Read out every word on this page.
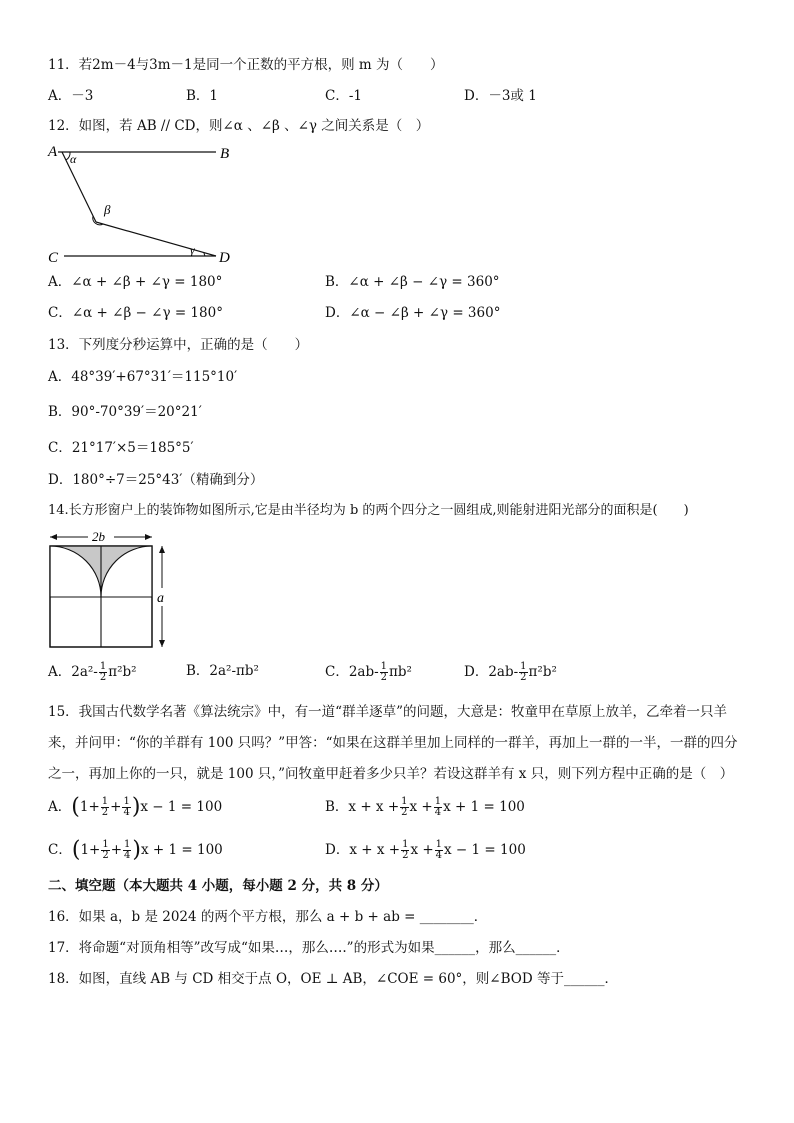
11．若2m－4与3m－1是同一个正数的平方根，则 m 为（　　）
A．－3	B．1	C．-1	D．－3或 1
12．如图，若 AB // CD，则∠α 、∠β 、∠γ 之间关系是（　）
A	B
C	D
α
β
γ
A．∠α + ∠β + ∠γ = 180°	B．∠α + ∠β − ∠γ = 360°
C．∠α + ∠β − ∠γ = 180°	D．∠α − ∠β + ∠γ = 360°
13．下列度分秒运算中，正确的是（　　）
A．48°39′+67°31′＝115°10′
B．90°-70°39′＝20°21′
C．21°17′×5＝185°5′
D．180°÷7＝25°43′（精确到分）
14.长方形窗户上的装饰物如图所示,它是由半径均为 b 的两个四分之一圆组成,则能射进阳光部分的面积是(　　)
2b
a
A．$2a^2- \frac{1}{2} \pi^2b^2$	B．2a²-πb²	C．$2ab- \frac{1}{2} \pi b^2$	D．$2ab- \frac{1}{2} \pi^2b^2$
15．我国古代数学名著《算法统宗》中，有一道“群羊逐草”的问题，大意是：牧童甲在草原上放羊，乙牵着一只羊
来，并问甲：“你的羊群有 100 只吗？”甲答：“如果在这群羊里加上同样的一群羊，再加上一群的一半，一群的四分
之一，再加上你的一只，就是 100 只，”问牧童甲赶着多少只羊？若设这群羊有 x 只，则下列方程中正确的是（　）
A．$(1+ \frac{1}{2} + \frac{1}{4} )x - 1 = 100$	B．$x + x + \frac{1}{2}$ $x + \frac{1}{4}$ x + 1 = 100
C．$(1+ \frac{1}{2} + \frac{1}{4} )x + 1 = 100$	D．$x + x + \frac{1}{2}$ $x + \frac{1}{4}$ x − 1 = 100
二、填空题（本大题共 4 小题，每小题 2 分，共 8 分）
16．如果 a，b 是 2024 的两个平方根，那么 a + b + ab = ________．
17．将命题“对顶角相等”改写成“如果…，那么….”的形式为如果______，那么______．
18．如图，直线 AB 与 CD 相交于点 O，OE ⊥ AB，∠COE = 60°，则∠BOD 等于______．
